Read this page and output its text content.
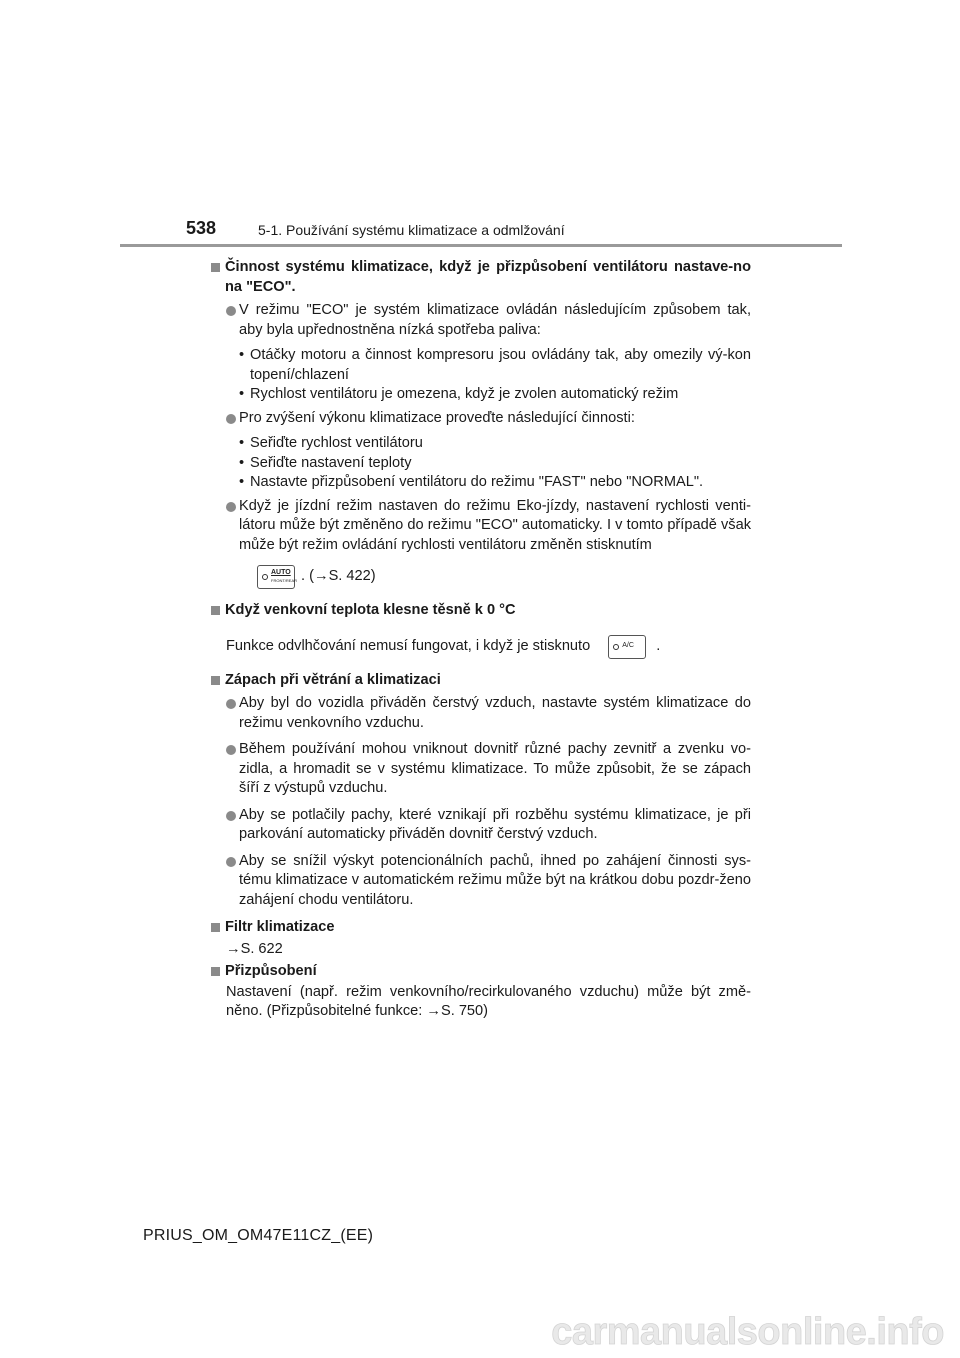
538	5-1. Používání systému klimatizace a odmlžování
Činnost systému klimatizace, když je přizpůsobení ventilátoru nastave-no na "ECO".
V režimu "ECO" je systém klimatizace ovládán následujícím způsobem tak, aby byla upřednostněna nízká spotřeba paliva:
• Otáčky motoru a činnost kompresoru jsou ovládány tak, aby omezily vý-kon topení/chlazení
• Rychlost ventilátoru je omezena, když je zvolen automatický režim
Pro zvýšení výkonu klimatizace proveďte následující činnosti:
• Seřiďte rychlost ventilátoru
• Seřiďte nastavení teploty
• Nastavte přizpůsobení ventilátoru do režimu "FAST" nebo "NORMAL".
Když je jízdní režim nastaven do režimu Eko-jízdy, nastavení rychlosti venti-látoru může být změněno do režimu "ECO" automaticky. I v tomto případě však může být režim ovládání rychlosti ventilátoru změněn stisknutím
AUTO
FRONT/REAR . (→S. 422)
Když venkovní teplota klesne těsně k 0 °C
Funkce odvlhčování nemusí fungovat, i když je stisknuto	A/C .
Zápach při větrání a klimatizaci
Aby byl do vozidla přiváděn čerstvý vzduch, nastavte systém klimatizace do režimu venkovního vzduchu.
Během používání mohou vniknout dovnitř různé pachy zevnitř a zvenku vo-zidla, a hromadit se v systému klimatizace. To může způsobit, že se zápach šíří z výstupů vzduchu.
Aby se potlačily pachy, které vznikají při rozběhu systému klimatizace, je při parkování automaticky přiváděn dovnitř čerstvý vzduch.
Aby se snížil výskyt potencionálních pachů, ihned po zahájení činnosti sys-tému klimatizace v automatickém režimu může být na krátkou dobu pozdr-ženo zahájení chodu ventilátoru.
Filtr klimatizace
→S. 622
Přizpůsobení
Nastavení (např. režim venkovního/recirkulovaného vzduchu) může být změ-něno. (Přizpůsobitelné funkce: →S. 750)
PRIUS_OM_OM47E11CZ_(EE)
carmanualsonline.info
